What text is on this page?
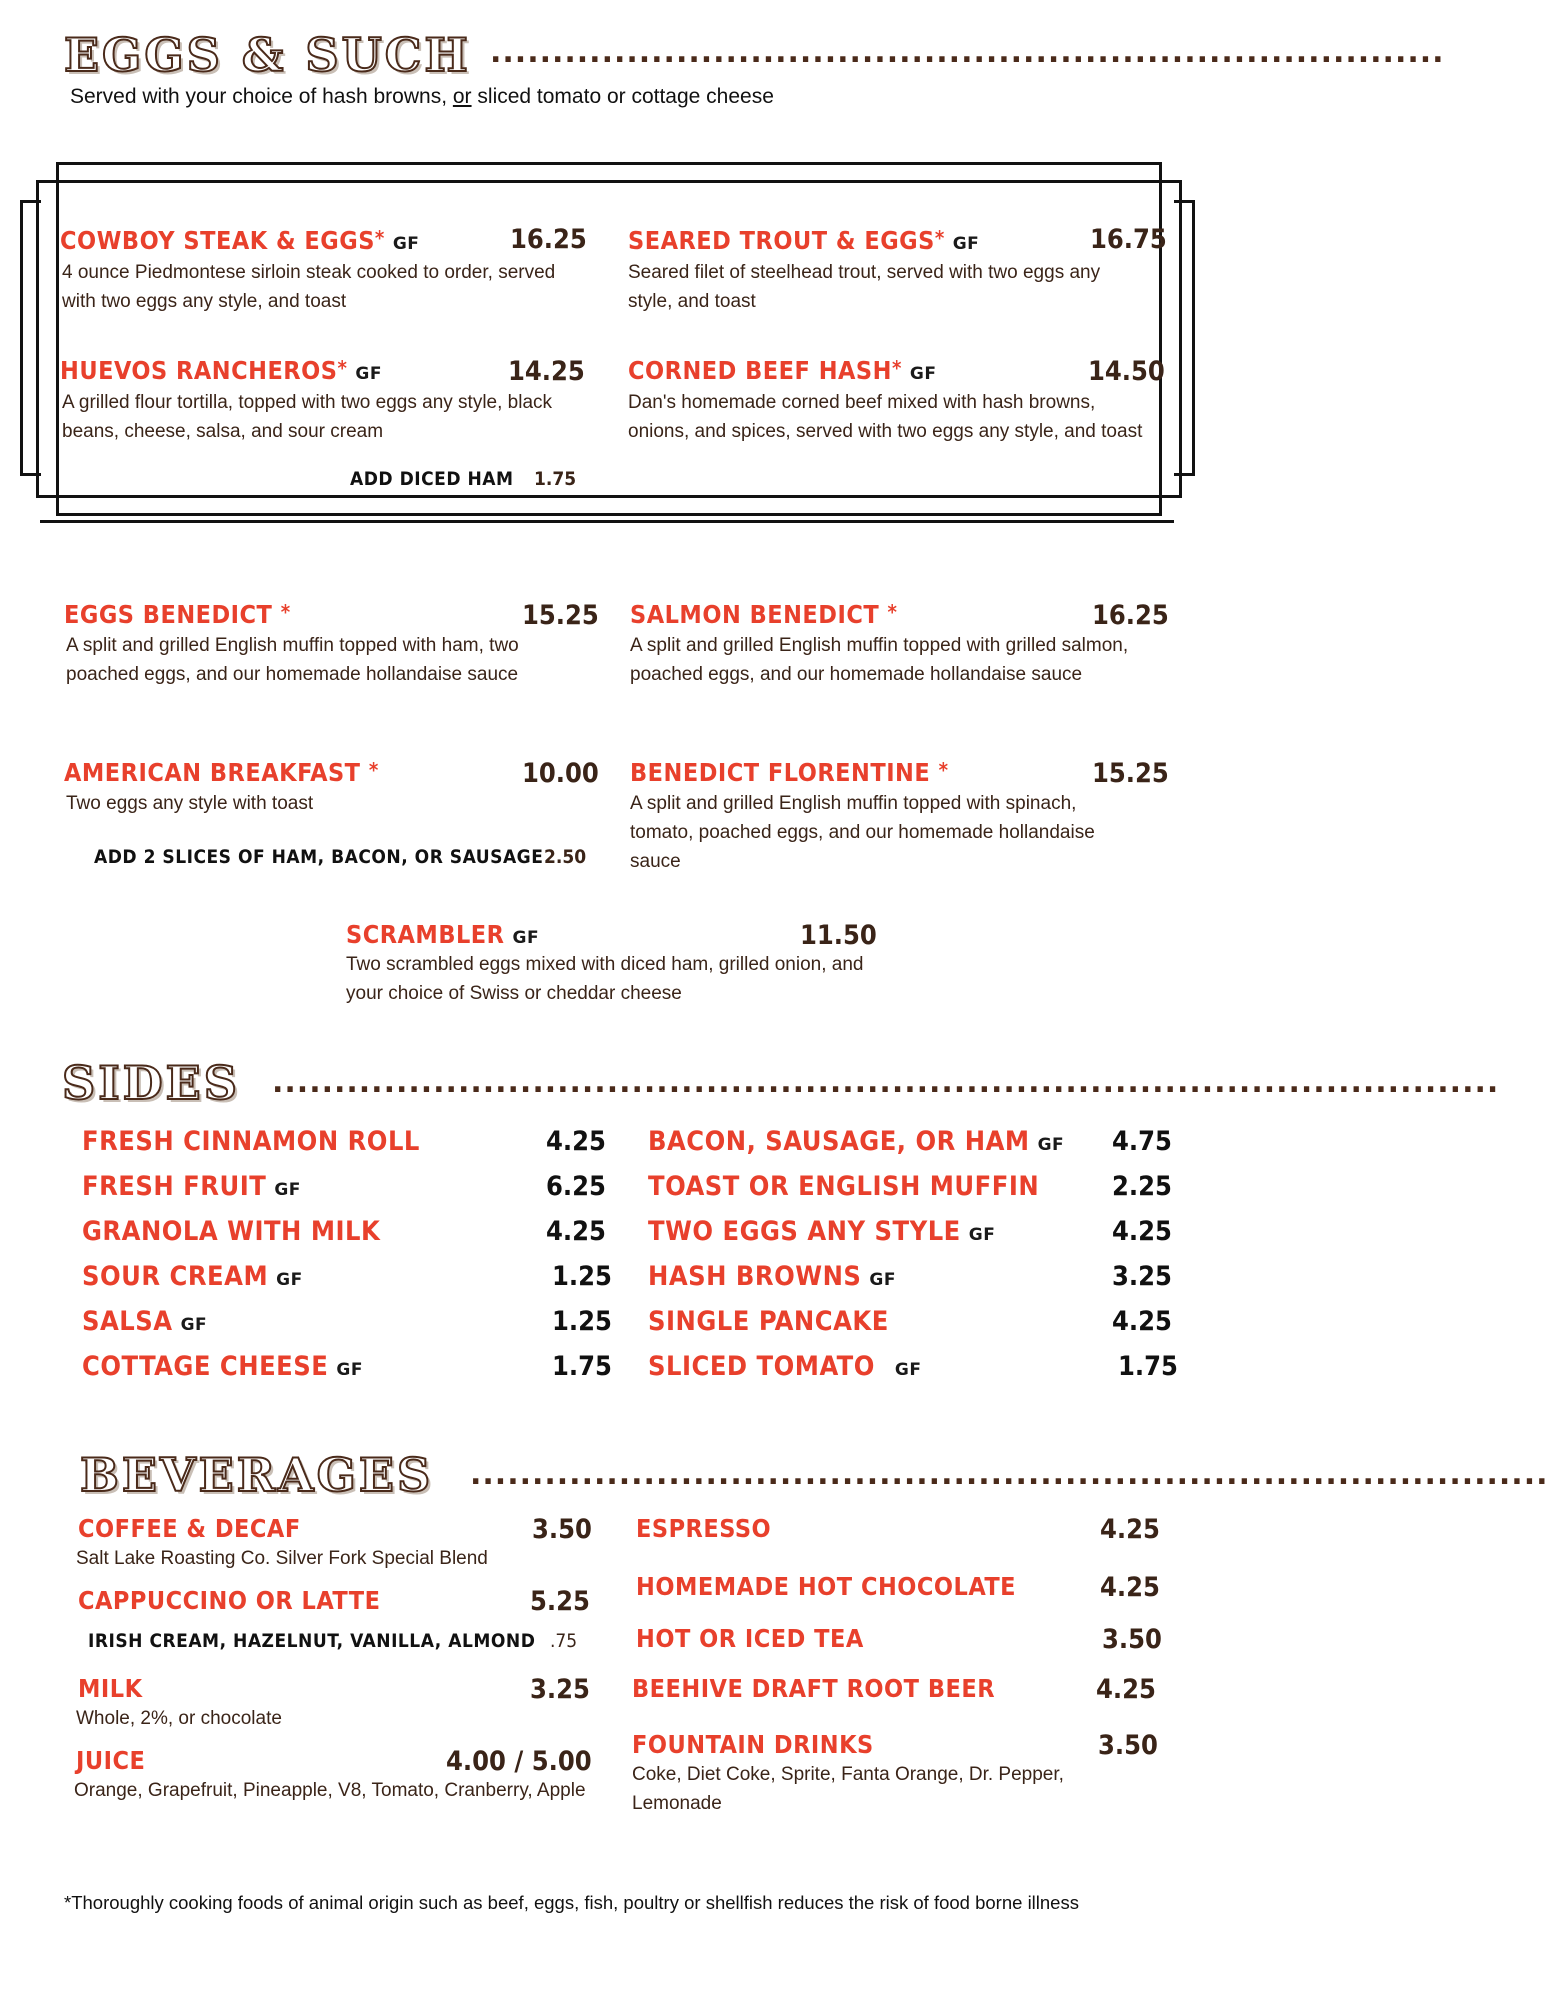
EGGS & SUCH .............................................................................
Served with your choice of hash browns, or sliced tomato or cottage cheese
COWBOY STEAK & EGGS* GF	16.25
4 ounce Piedmontese sirloin steak cooked to order, served with two eggs any style, and toast
SEARED TROUT & EGGS* GF	16.75
Seared filet of steelhead trout, served with two eggs any style, and toast
HUEVOS RANCHEROS* GF	14.25
A grilled flour tortilla, topped with two eggs any style, black beans, cheese, salsa, and sour cream
ADD DICED HAM 1.75
CORNED BEEF HASH* GF	14.50
Dan's homemade corned beef mixed with hash browns, onions, and spices, served with two eggs any style, and toast
EGGS BENEDICT *	15.25
A split and grilled English muffin topped with ham, two poached eggs, and our homemade hollandaise sauce
SALMON BENEDICT *	16.25
A split and grilled English muffin topped with grilled salmon, poached eggs, and our homemade hollandaise sauce
AMERICAN BREAKFAST *	10.00
Two eggs any style with toast
ADD 2 SLICES OF HAM, BACON, OR SAUSAGE 2.50
BENEDICT FLORENTINE *	15.25
A split and grilled English muffin topped with spinach, tomato, poached eggs, and our homemade hollandaise sauce
SCRAMBLER GF	11.50
Two scrambled eggs mixed with diced ham, grilled onion, and your choice of Swiss or cheddar cheese
SIDES ...................................................................................................
FRESH CINNAMON ROLL	4.25
FRESH FRUIT GF	6.25
GRANOLA WITH MILK	4.25
SOUR CREAM GF	1.25
SALSA GF	1.25
COTTAGE CHEESE GF	1.75
BACON, SAUSAGE, OR HAM GF 4.75
TOAST OR ENGLISH MUFFIN	2.25
TWO EGGS ANY STYLE GF	4.25
HASH BROWNS GF	3.25
SINGLE PANCAKE	4.25
SLICED TOMATO GF	1.75
BEVERAGES .......................................................................................
COFFEE & DECAF	3.50
Salt Lake Roasting Co. Silver Fork Special Blend
CAPPUCCINO OR LATTE	5.25
IRISH CREAM, HAZELNUT, VANILLA, ALMOND .75
MILK	3.25
Whole, 2%, or chocolate
JUICE	4.00 / 5.00
Orange, Grapefruit, Pineapple, V8, Tomato, Cranberry, Apple
ESPRESSO	4.25
HOMEMADE HOT CHOCOLATE	4.25
HOT OR ICED TEA	3.50
BEEHIVE DRAFT ROOT BEER	4.25
FOUNTAIN DRINKS	3.50
Coke, Diet Coke, Sprite, Fanta Orange, Dr. Pepper, Lemonade
*Thoroughly cooking foods of animal origin such as beef, eggs, fish, poultry or shellfish reduces the risk of food borne illness
